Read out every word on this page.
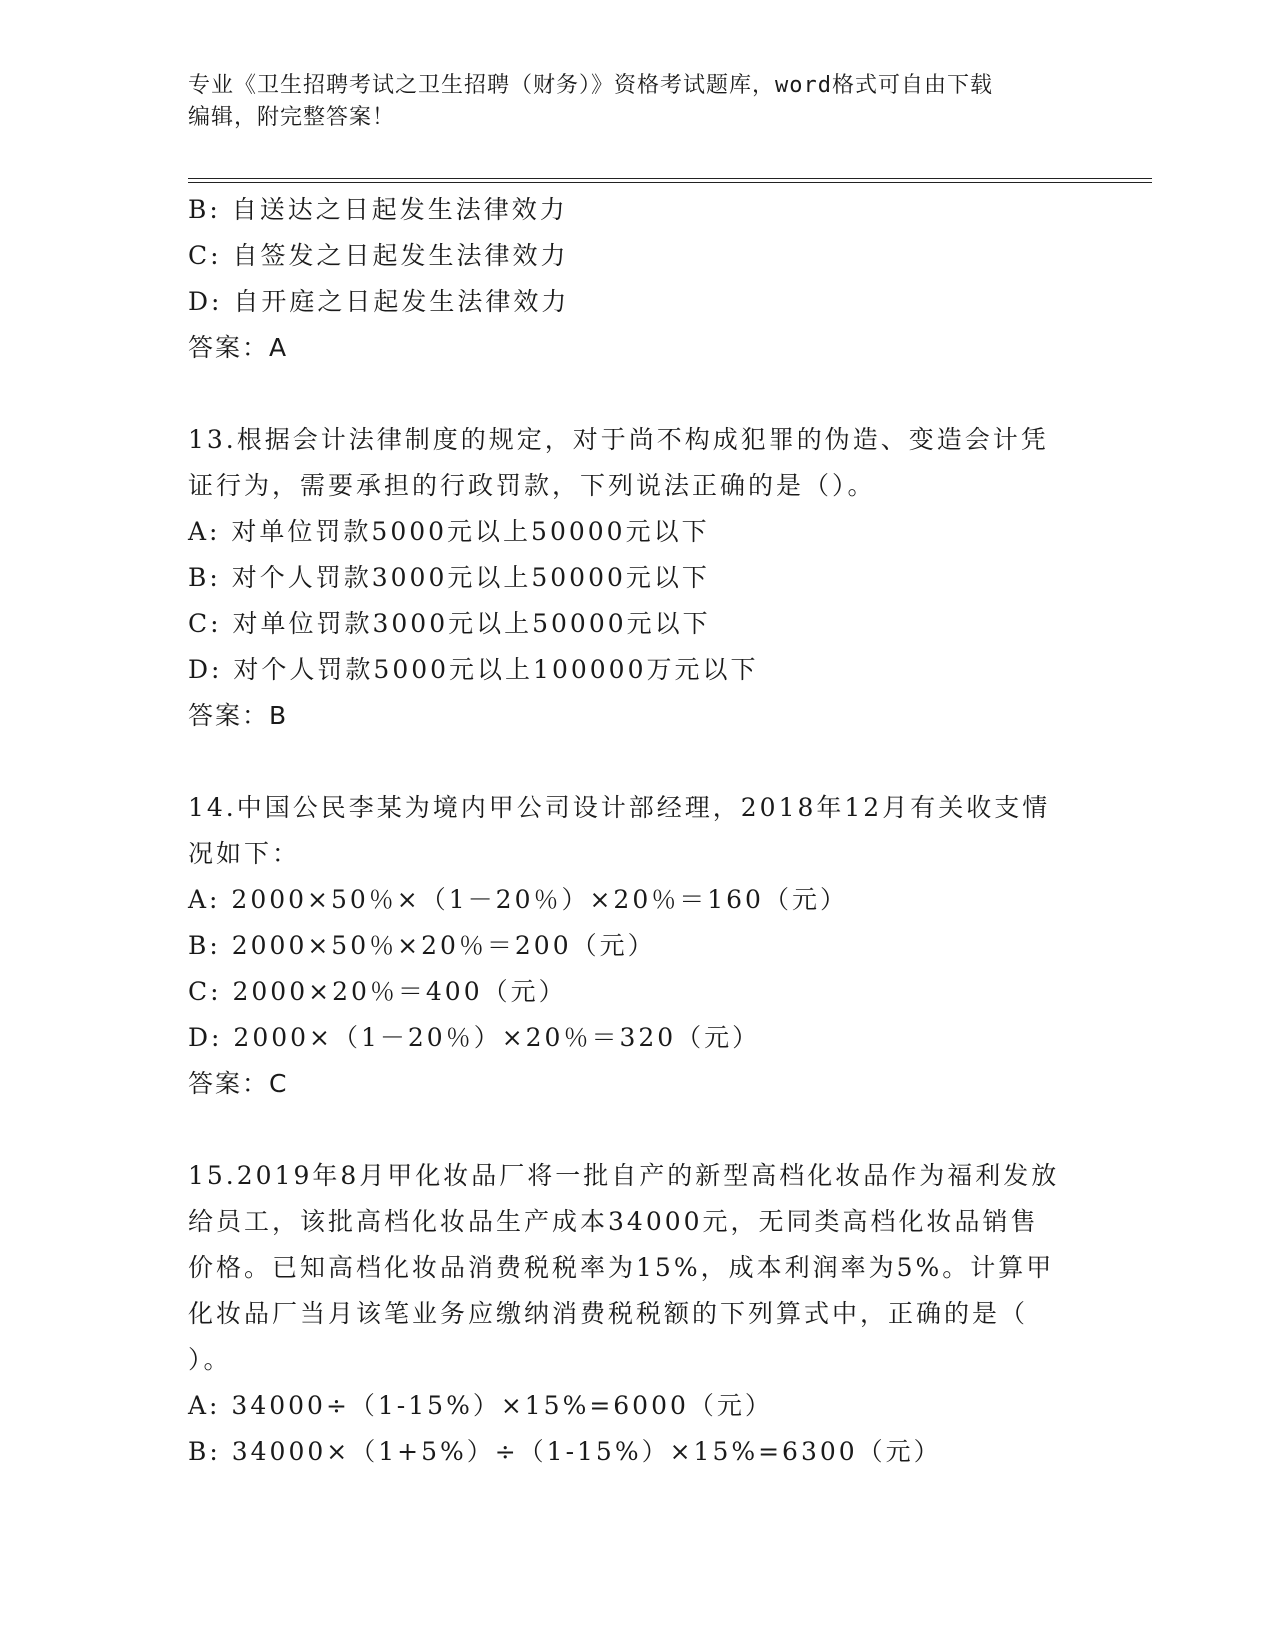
专业《卫生招聘考试之卫生招聘（财务）》资格考试题库，word格式可自由下载
编辑，附完整答案！
B: 自送达之日起发生法律效力
C: 自签发之日起发生法律效力
D: 自开庭之日起发生法律效力
答案：A
13.根据会计法律制度的规定，对于尚不构成犯罪的伪造、变造会计凭
证行为，需要承担的行政罚款，下列说法正确的是（）。
A: 对单位罚款5000元以上50000元以下
B: 对个人罚款3000元以上50000元以下
C: 对单位罚款3000元以上50000元以下
D: 对个人罚款5000元以上100000万元以下
答案：B
14.中国公民李某为境内甲公司设计部经理，2018年12月有关收支情
况如下：
A: 2000×50％×（1－20％）×20％＝160（元）
B: 2000×50％×20％＝200（元）
C: 2000×20％＝400（元）
D: 2000×（1－20％）×20％＝320（元）
答案：C
15.2019年8月甲化妆品厂将一批自产的新型高档化妆品作为福利发放
给员工，该批高档化妆品生产成本34000元，无同类高档化妆品销售
价格。已知高档化妆品消费税税率为15%，成本利润率为5%。计算甲
化妆品厂当月该笔业务应缴纳消费税税额的下列算式中，正确的是（
）。
A: 34000÷（1-15%）×15%=6000（元）
B: 34000×（1+5%）÷（1-15%）×15%=6300（元）
